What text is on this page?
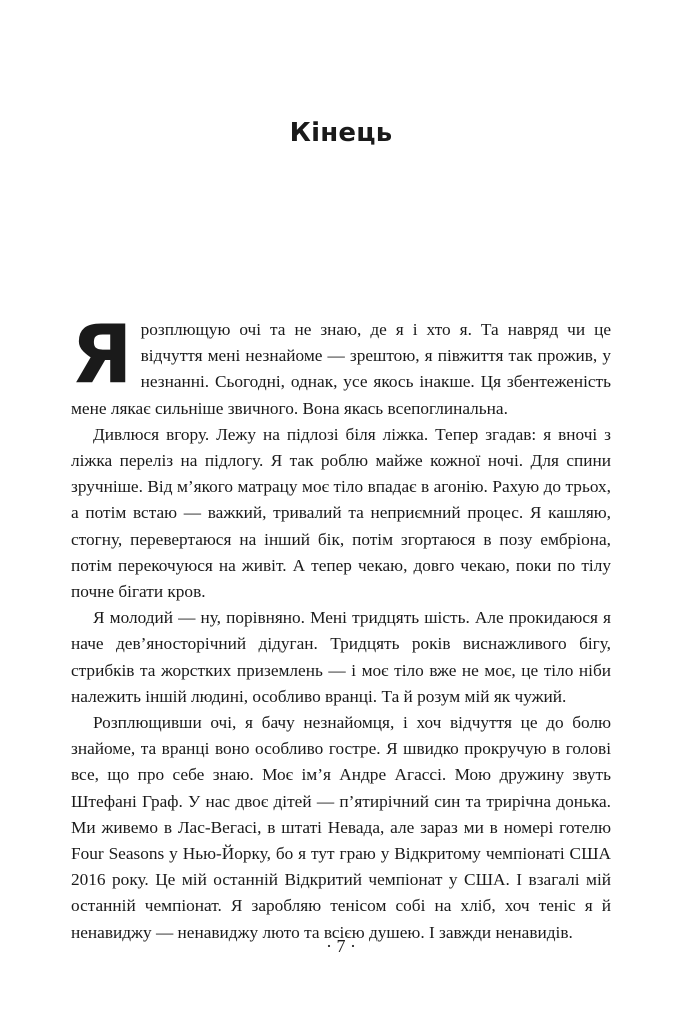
Кінець

Ярозплющую очі та не знаю, де я і хто я. Та навряд чи це відчуття мені незнайоме — зрештою, я півжиття так прожив, у незнанні. Сьогодні, однак, усе якось інакше. Ця збентеженість мене лякає сильніше звичного. Вона якась всепоглинальна.

Дивлюся вгору. Лежу на підлозі біля ліжка. Тепер згадав: я вночі з ліжка переліз на підлогу. Я так роблю майже кожної ночі. Для спини зручніше. Від м’якого матрацу моє тіло впадає в агонію. Рахую до трьох, а потім встаю — важкий, тривалий та неприємний процес. Я кашляю, стогну, перевертаюся на інший бік, потім згортаюся в позу ембріона, потім перекочуюся на живіт. А тепер чекаю, довго чекаю, поки по тілу почне бігати кров.

Я молодий — ну, порівняно. Мені тридцять шість. Але прокидаюся я наче дев’яносторічний дідуган. Тридцять років виснажливого бігу, стрибків та жорстких приземлень — і моє тіло вже не моє, це тіло ніби належить іншій людині, особливо вранці. Та й розум мій як чужий.

Розплющивши очі, я бачу незнайомця, і хоч відчуття це до болю знайоме, та вранці воно особливо гостре. Я швидко прокручую в голові все, що про себе знаю. Моє ім’я Андре Агассі. Мою дружину звуть Штефані Граф. У нас двоє дітей — п’ятирічний син та трирічна донька. Ми живемо в Лас-Вегасі, в штаті Невада, але зараз ми в номері готелю Four Seasons у Нью-Йорку, бо я тут граю у Відкритому чемпіонаті США 2016 року. Це мій останній Відкритий чемпіонат у США. І взагалі мій останній чемпіонат. Я заробляю тенісом собі на хліб, хоч теніс я й ненавиджу — ненавиджу люто та всією душею. І завжди ненавидів.

· 7 ·
